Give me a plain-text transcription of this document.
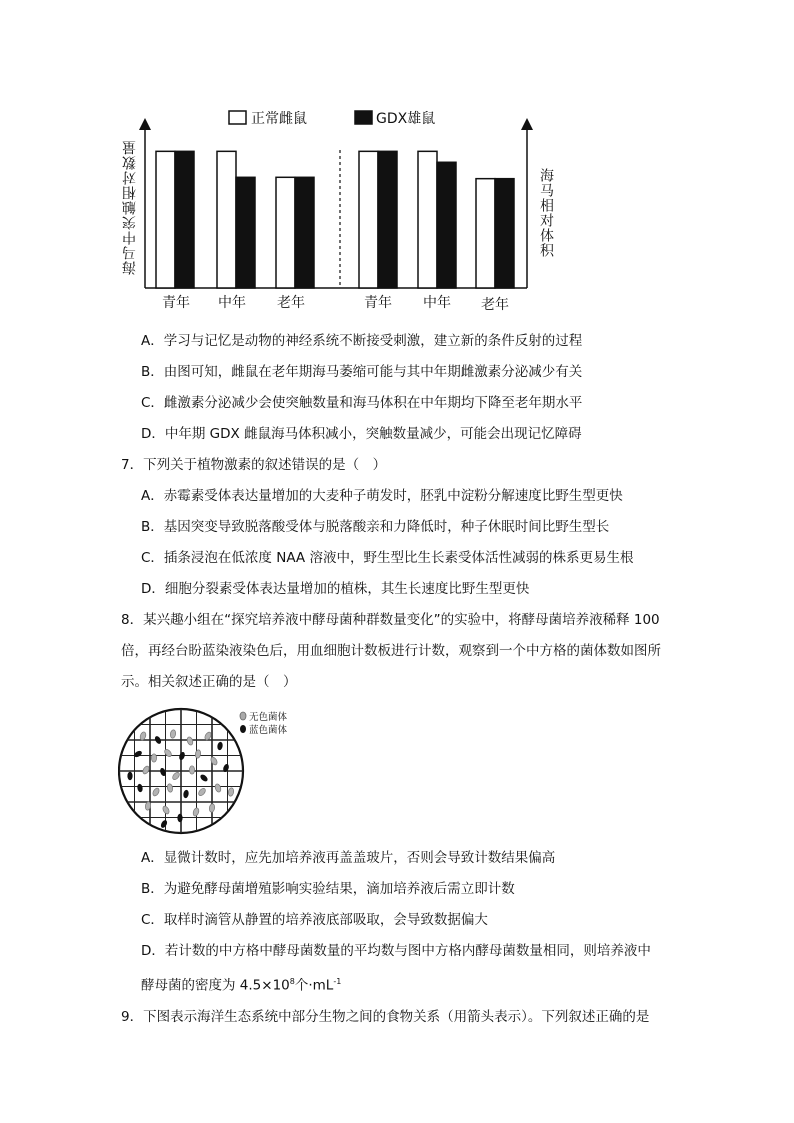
正常雌鼠	GDX雄鼠
海马中突触相对数量	海马相对体积
青年 中年 老年	青年 中年 老年
A．学习与记忆是动物的神经系统不断接受刺激，建立新的条件反射的过程
B．由图可知，雌鼠在老年期海马萎缩可能与其中年期雌激素分泌减少有关
C．雌激素分泌减少会使突触数量和海马体积在中年期均下降至老年期水平
D．中年期 GDX 雌鼠海马体积减小，突触数量减少，可能会出现记忆障碍
7．下列关于植物激素的叙述错误的是（　）
A．赤霉素受体表达量增加的大麦种子萌发时，胚乳中淀粉分解速度比野生型更快
B．基因突变导致脱落酸受体与脱落酸亲和力降低时，种子休眠时间比野生型长
C．插条浸泡在低浓度 NAA 溶液中，野生型比生长素受体活性减弱的株系更易生根
D．细胞分裂素受体表达量增加的植株，其生长速度比野生型更快
8．某兴趣小组在“探究培养液中酵母菌种群数量变化”的实验中，将酵母菌培养液稀释 100
倍，再经台盼蓝染液染色后，用血细胞计数板进行计数，观察到一个中方格的菌体数如图所
示。相关叙述正确的是（　）
无色菌体
蓝色菌体
A．显微计数时，应先加培养液再盖盖玻片，否则会导致计数结果偏高
B．为避免酵母菌增殖影响实验结果，滴加培养液后需立即计数
C．取样时滴管从静置的培养液底部吸取，会导致数据偏大
D．若计数的中方格中酵母菌数量的平均数与图中方格内酵母菌数量相同，则培养液中
酵母菌的密度为 $4.5\times 10^8$个$\cdot mL^{-1}$
9．下图表示海洋生态系统中部分生物之间的食物关系（用箭头表示）。下列叙述正确的是
